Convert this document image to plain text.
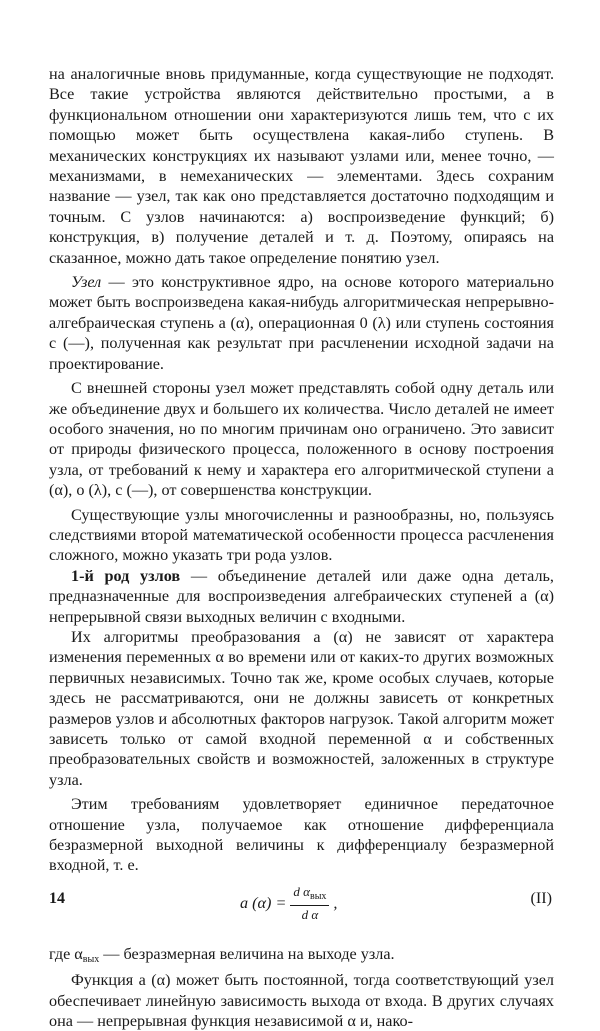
на аналогичные вновь придуманные, когда существующие не подходят. Все такие устройства являются действительно простыми, а в функциональном отношении они характеризуются лишь тем, что с их помощью может быть осуществлена какая-либо ступень. В механических конструкциях их называют узлами или, менее точно, — механизмами, в немеханических — элементами. Здесь сохраним название — узел, так как оно представляется достаточно подходящим и точным. С узлов начинаются: а) воспроизведение функций; б) конструкция, в) получение деталей и т. д. Поэтому, опираясь на сказанное, можно дать такое определение понятию узел.

Узел — это конструктивное ядро, на основе которого материально может быть воспроизведена какая-нибудь алгоритмическая непрерывно-алгебраическая ступень a (α), операционная 0 (λ) или ступень состояния c (—), полученная как результат при расчленении исходной задачи на проектирование.

С внешней стороны узел может представлять собой одну деталь или же объединение двух и большего их количества. Число деталей не имеет особого значения, но по многим причинам оно ограничено. Это зависит от природы физического процесса, положенного в основу построения узла, от требований к нему и характера его алгоритмической ступени a (α), o (λ), c (—), от совершенства конструкции.

Существующие узлы многочисленны и разнообразны, но, пользуясь следствиями второй математической особенности процесса расчленения сложного, можно указать три рода узлов.

1-й род узлов — объединение деталей или даже одна деталь, предназначенные для воспроизведения алгебраических ступеней a (α) непрерывной связи выходных величин с входными.

Их алгоритмы преобразования a (α) не зависят от характера изменения переменных α во времени или от каких-то других возможных первичных независимых. Точно так же, кроме особых случаев, которые здесь не рассматриваются, они не должны зависеть от конкретных размеров узлов и абсолютных факторов нагрузок. Такой алгоритм может зависеть только от самой входной переменной α и собственных преобразовательных свойств и возможностей, заложенных в структуре узла.

Этим требованиям удовлетворяет единичное передаточное отношение узла, получаемое как отношение дифференциала безразмерной выходной величины к дифференциалу безразмерной входной, т. е.

a $(\alpha) = \frac{d \alpha_{вых}}{\text{d α}}$ ,	(II)

где $\alpha_{вых}$ — безразмерная величина на выходе узла.

Функция a (α) может быть постоянной, тогда соответствующий узел обеспечивает линейную зависимость выхода от входа. В других случаях она — непрерывная функция независимой α и, нако-

14
